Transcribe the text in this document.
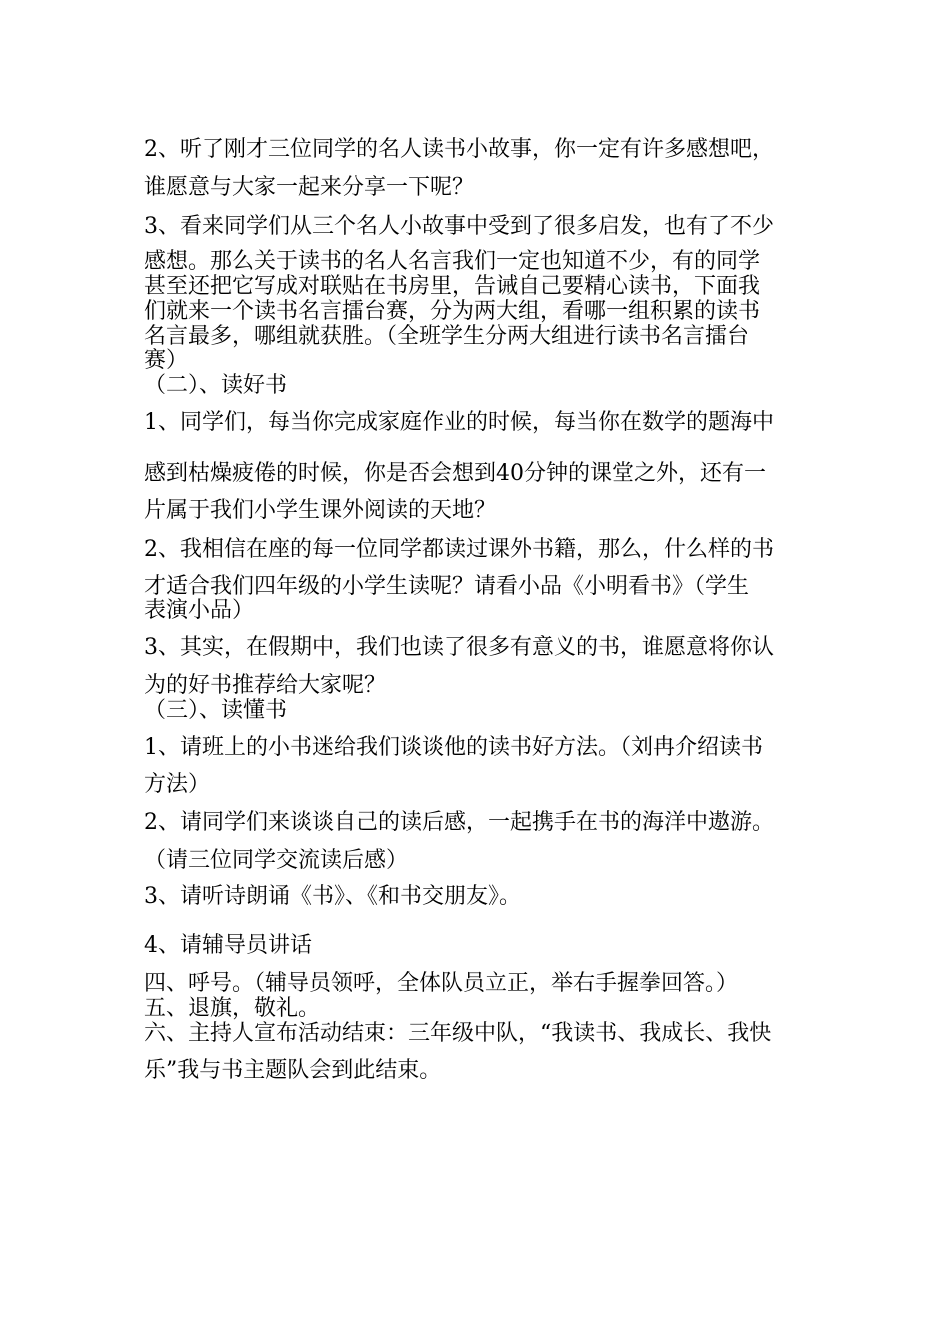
2、听了刚才三位同学的名人读书小故事，你一定有许多感想吧，
谁愿意与大家一起来分享一下呢？
3、看来同学们从三个名人小故事中受到了很多启发，也有了不少
感想。那么关于读书的名人名言我们一定也知道不少，有的同学
甚至还把它写成对联贴在书房里，告诫自己要精心读书，下面我
们就来一个读书名言擂台赛，分为两大组，看哪一组积累的读书
名言最多，哪组就获胜。（全班学生分两大组进行读书名言擂台
赛）
（二）、读好书
1、同学们，每当你完成家庭作业的时候，每当你在数学的题海中
感到枯燥疲倦的时候，你是否会想到40分钟的课堂之外，还有一
片属于我们小学生课外阅读的天地？
2、我相信在座的每一位同学都读过课外书籍，那么，什么样的书
才适合我们四年级的小学生读呢？请看小品《小明看书》（学生
表演小品）
3、其实，在假期中，我们也读了很多有意义的书，谁愿意将你认
为的好书推荐给大家呢？
（三）、读懂书
1、请班上的小书迷给我们谈谈他的读书好方法。（刘冉介绍读书
方法）
2、请同学们来谈谈自己的读后感，一起携手在书的海洋中遨游。
（请三位同学交流读后感）
3、请听诗朗诵《书》、《和书交朋友》。
4、请辅导员讲话
四、呼号。（辅导员领呼，全体队员立正，举右手握拳回答。）
五、退旗，敬礼。
六、主持人宣布活动结束：三年级中队，“我读书、我成长、我快
乐”我与书主题队会到此结束。
